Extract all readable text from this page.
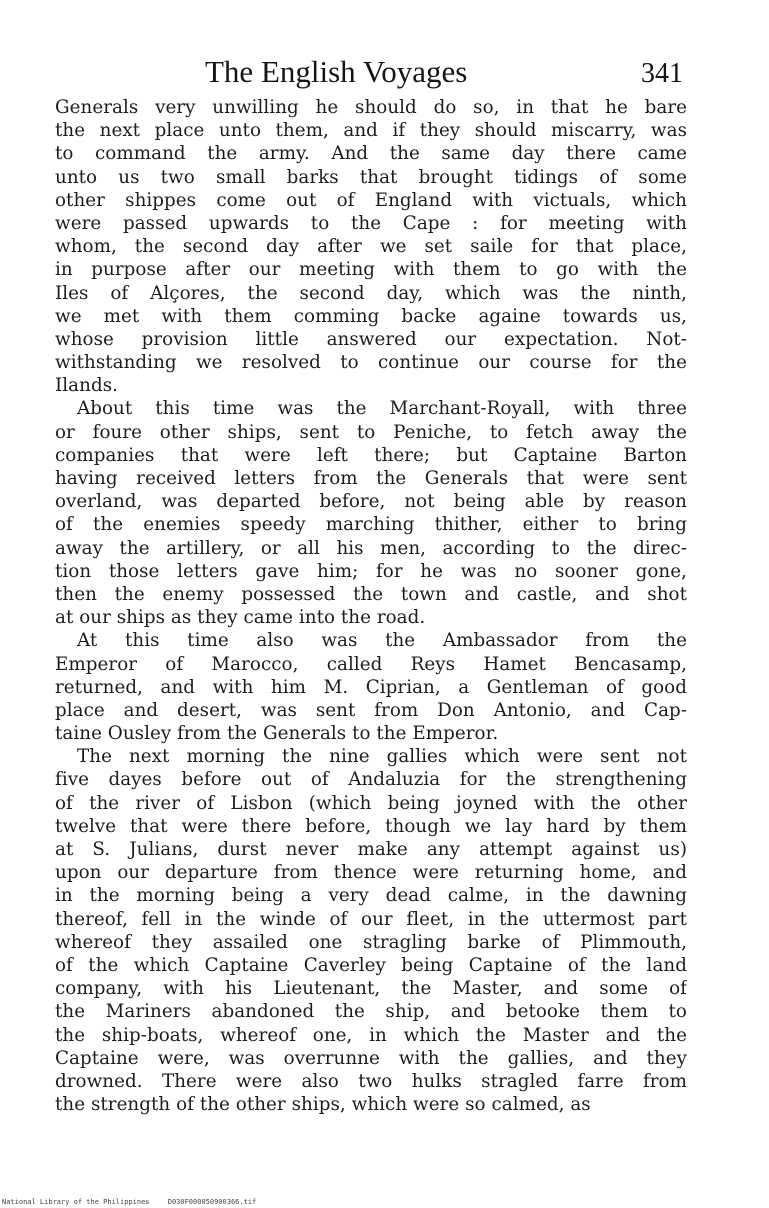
The English Voyages	341
Generals very unwilling he should do so, in that he bare
the next place unto them, and if they should miscarry, was
to command the army. And the same day there came
unto us two small barks that brought tidings of some
other shippes come out of England with victuals, which
were passed upwards to the Cape : for meeting with
whom, the second day after we set saile for that place,
in purpose after our meeting with them to go with the
Iles of Alçores, the second day, which was the ninth,
we met with them comming backe againe towards us,
whose provision little answered our expectation. Not-
withstanding we resolved to continue our course for the
Ilands.
About this time was the Marchant-Royall, with three
or foure other ships, sent to Peniche, to fetch away the
companies that were left there; but Captaine Barton
having received letters from the Generals that were sent
overland, was departed before, not being able by reason
of the enemies speedy marching thither, either to bring
away the artillery, or all his men, according to the direc-
tion those letters gave him; for he was no sooner gone,
then the enemy possessed the town and castle, and shot
at our ships as they came into the road.
At this time also was the Ambassador from the
Emperor of Marocco, called Reys Hamet Bencasamp,
returned, and with him M. Ciprian, a Gentleman of good
place and desert, was sent from Don Antonio, and Cap-
taine Ousley from the Generals to the Emperor.
The next morning the nine gallies which were sent not
five dayes before out of Andaluzia for the strengthening
of the river of Lisbon (which being joyned with the other
twelve that were there before, though we lay hard by them
at S. Julians, durst never make any attempt against us)
upon our departure from thence were returning home, and
in the morning being a very dead calme, in the dawning
thereof, fell in the winde of our fleet, in the uttermost part
whereof they assailed one stragling barke of Plimmouth,
of the which Captaine Caverley being Captaine of the land
company, with his Lieutenant, the Master, and some of
the Mariners abandoned the ship, and betooke them to
the ship-boats, whereof one, in which the Master and the
Captaine were, was overrunne with the gallies, and they
drowned. There were also two hulks stragled farre from
the strength of the other ships, which were so calmed, as
National Library of the Philippines	D030F000050900366.tif
